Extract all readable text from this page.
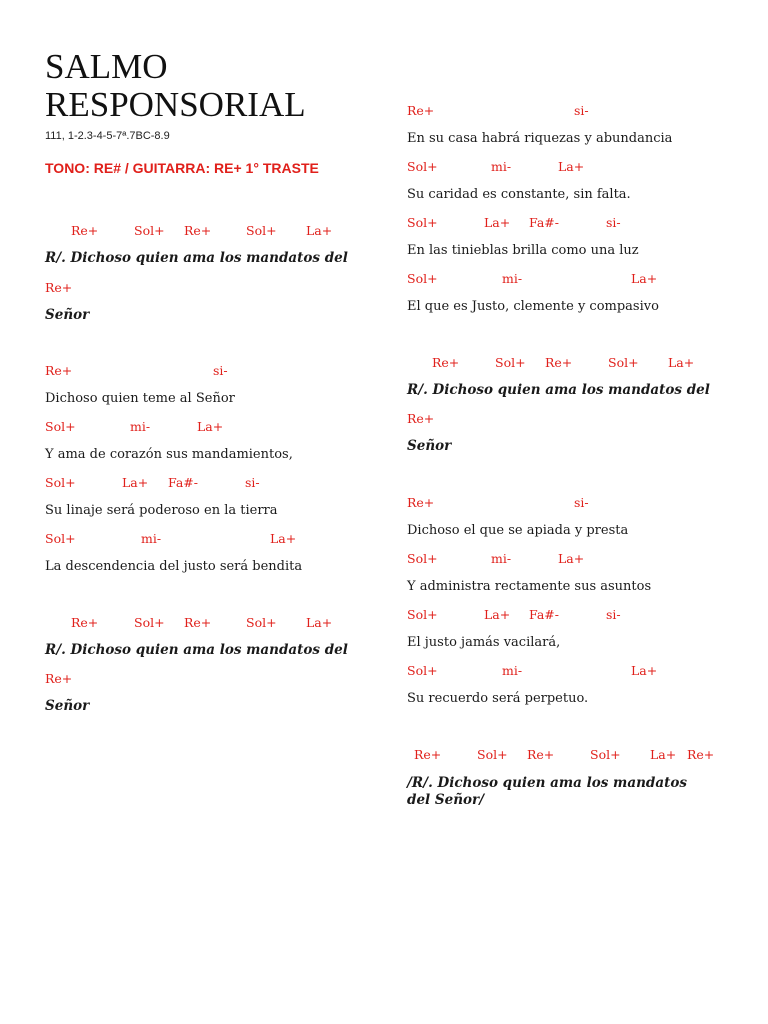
SALMO
RESPONSORIAL
111, 1-2.3-4-5-7ª.7BC-8.9
TONO: RE# / GUITARRA: RE+ 1° TRASTE
Re+	Sol+ Re+	Sol+ La+
R/. Dichoso quien ama los mandatos del
Re+
Señor
Re+	si-
Dichoso quien teme al Señor
Sol+	mi-	La+
Y ama de corazón sus mandamientos,
Sol+	La+ Fa#-	si-
Su linaje será poderoso en la tierra
Sol+	mi-	La+
La descendencia del justo será bendita
Re+	Sol+ Re+	Sol+ La+
R/. Dichoso quien ama los mandatos del
Re+
Señor
Re+	si-
En su casa habrá riquezas y abundancia
Sol+	mi-	La+
Su caridad es constante, sin falta.
Sol+	La+ Fa#-	si-
En las tinieblas brilla como una luz
Sol+	mi-	La+
El que es Justo, clemente y compasivo
Re+	Sol+ Re+	Sol+ La+
R/. Dichoso quien ama los mandatos del
Re+
Señor
Re+	si-
Dichoso el que se apiada y presta
Sol+	mi-	La+
Y administra rectamente sus asuntos
Sol+	La+ Fa#-	si-
El justo jamás vacilará,
Sol+	mi-	La+
Su recuerdo será perpetuo.
Re+	Sol+ Re+	Sol+ La+ Re+
/R/. Dichoso quien ama los mandatos
del Señor/
